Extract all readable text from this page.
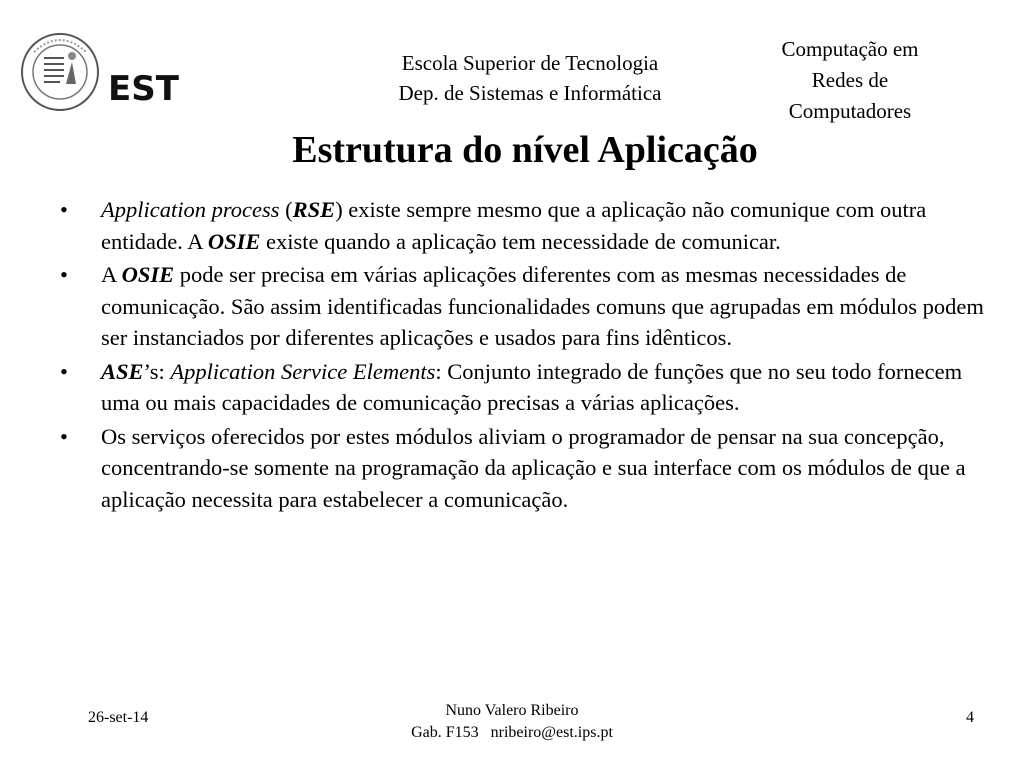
EST
Escola Superior de Tecnologia
Dep. de Sistemas e Informática
Computação em
Redes de
Computadores
Estrutura do nível Aplicação
• Application process (RSE) existe sempre mesmo que a aplicação não comunique com outra entidade. A OSIE existe quando a aplicação tem necessidade de comunicar.
• A OSIE pode ser precisa em várias aplicações diferentes com as mesmas necessidades de comunicação. São assim identificadas funcionalidades comuns que agrupadas em módulos podem ser instanciados por diferentes aplicações e usados para fins idênticos.
• ASE’s: Application Service Elements: Conjunto integrado de funções que no seu todo fornecem uma ou mais capacidades de comunicação precisas a várias aplicações.
• Os serviços oferecidos por estes módulos aliviam o programador de pensar na sua concepção, concentrando-se somente na programação da aplicação e sua interface com os módulos de que a aplicação necessita para estabelecer a comunicação.
26-set-14	Nuno Valero Ribeiro
Gab. F153   nribeiro@est.ips.pt
4
